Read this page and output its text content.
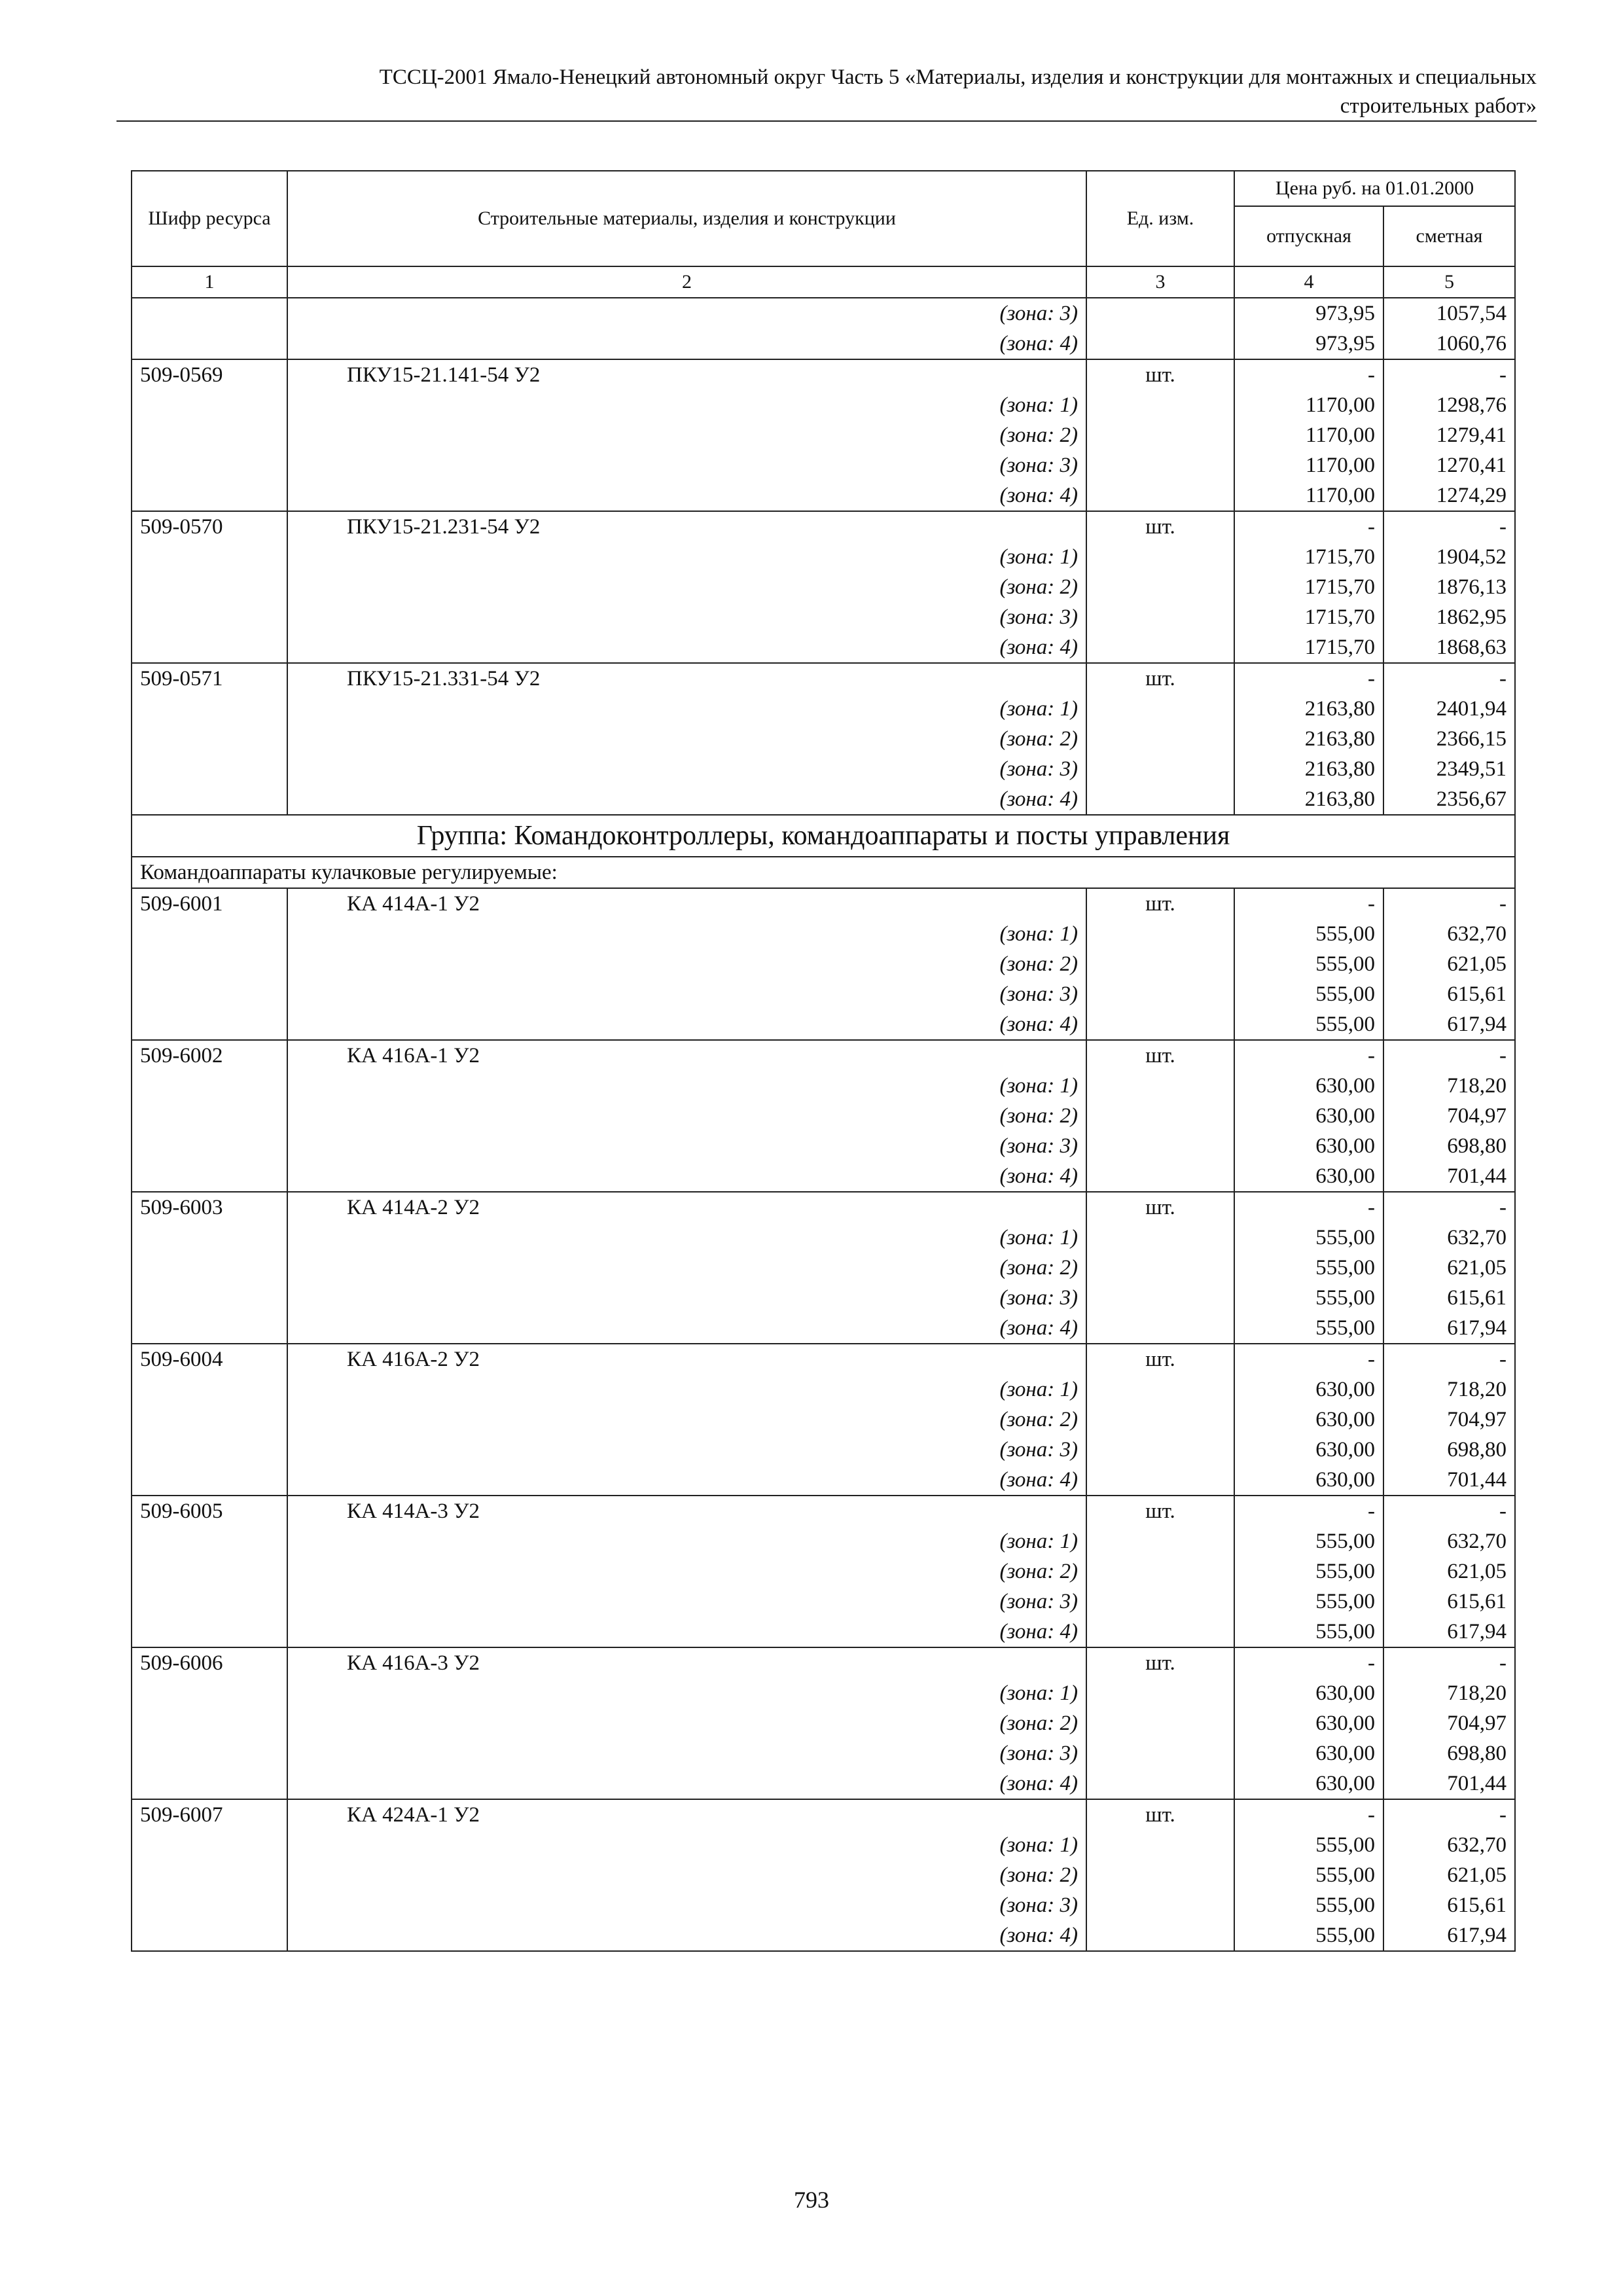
ТССЦ-2001 Ямало-Ненецкий автономный округ Часть 5 «Материалы, изделия и конструкции для монтажных и специальных
строительных работ»
Шифр ресурса	Строительные материалы, изделия и конструкции	Ед. изм.	Цена руб. на 01.01.2000	
			отпускная	сметная
1	2	3	4	5
	(зона: 3)		973,95	1057,54
	(зона: 4)		973,95	1060,76
509-0569	ПКУ15-21.141-54 У2	шт.	-	-
	(зона: 1)		1170,00	1298,76
	(зона: 2)		1170,00	1279,41
	(зона: 3)		1170,00	1270,41
	(зона: 4)		1170,00	1274,29
509-0570	ПКУ15-21.231-54 У2	шт.	-	-
	(зона: 1)		1715,70	1904,52
	(зона: 2)		1715,70	1876,13
	(зона: 3)		1715,70	1862,95
	(зона: 4)		1715,70	1868,63
509-0571	ПКУ15-21.331-54 У2	шт.	-	-
	(зона: 1)		2163,80	2401,94
	(зона: 2)		2163,80	2366,15
	(зона: 3)		2163,80	2349,51
	(зона: 4)		2163,80	2356,67
Группа: Командоконтроллеры, командоаппараты и посты управления				
Командоаппараты кулачковые регулируемые:				
509-6001	КА 414А-1 У2	шт.	-	-
	(зона: 1)		555,00	632,70
	(зона: 2)		555,00	621,05
	(зона: 3)		555,00	615,61
	(зона: 4)		555,00	617,94
509-6002	КА 416А-1 У2	шт.	-	-
	(зона: 1)		630,00	718,20
	(зона: 2)		630,00	704,97
	(зона: 3)		630,00	698,80
	(зона: 4)		630,00	701,44
509-6003	КА 414А-2 У2	шт.	-	-
	(зона: 1)		555,00	632,70
	(зона: 2)		555,00	621,05
	(зона: 3)		555,00	615,61
	(зона: 4)		555,00	617,94
509-6004	КА 416А-2 У2	шт.	-	-
	(зона: 1)		630,00	718,20
	(зона: 2)		630,00	704,97
	(зона: 3)		630,00	698,80
	(зона: 4)		630,00	701,44
509-6005	КА 414А-3 У2	шт.	-	-
	(зона: 1)		555,00	632,70
	(зона: 2)		555,00	621,05
	(зона: 3)		555,00	615,61
	(зона: 4)		555,00	617,94
509-6006	КА 416А-3 У2	шт.	-	-
	(зона: 1)		630,00	718,20
	(зона: 2)		630,00	704,97
	(зона: 3)		630,00	698,80
	(зона: 4)		630,00	701,44
509-6007	КА 424А-1 У2	шт.	-	-
	(зона: 1)		555,00	632,70
	(зона: 2)		555,00	621,05
	(зона: 3)		555,00	615,61
	(зона: 4)		555,00	617,94
793
